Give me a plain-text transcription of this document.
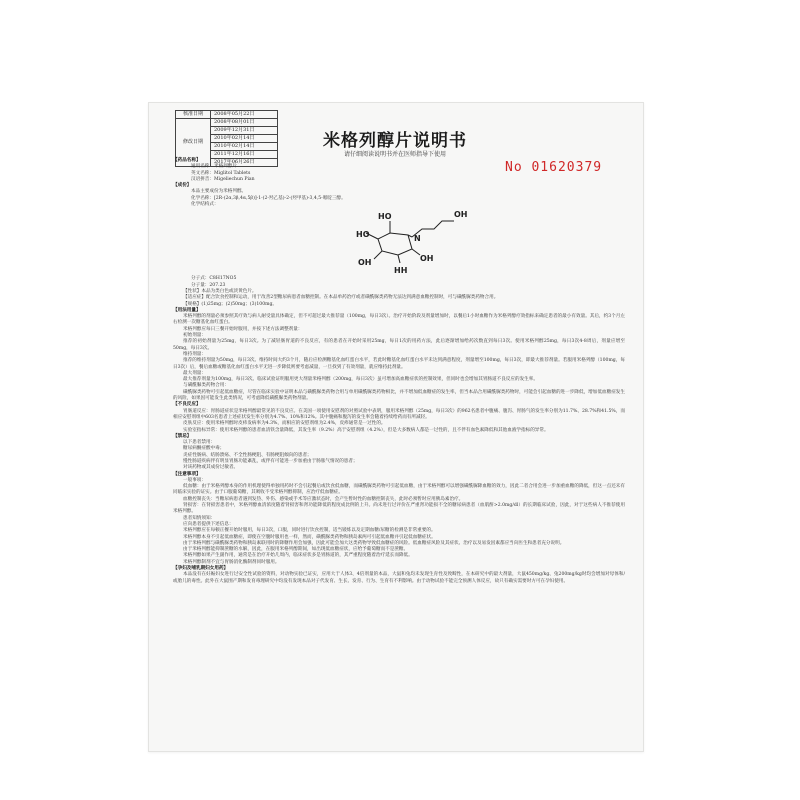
核准日期	2008年05月22日
修改日期	2008年08月01日
	2009年12月31日
	2010年02月14日
	2010年02月14日
	2011年12月16日
	2017年06月26日
米格列醇片说明书
请仔细阅读说明书并在医师指导下使用
No 01620379
OH
HO
HO
OH
N
OH
HH
【药品名称】
通用名称：米格列醇片
英文名称：Miglitol Tablets
汉语拼音：Migeliechun Pian
【成份】
本品主要成份为米格列醇。
化学名称：[2R-(2α,3β,4α,5β)]-1-(2-羟乙基)-2-(羟甲基)-3,4,5-哌啶三醇。
化学结构式：
分子式：C8H17NO5
分子量：207.23
【性状】本品为类白色或淡黄色片。
【适应症】配合饮食控制和运动，用于改善2型糖尿病患者血糖控制。在本品单药治疗或者磺酰脲类药物无法达到满意血糖控制时，可与磺酰脲类药物合用。
【规格】(1)25mg；(2)50mg；(3)100mg。
【用法用量】
米格列醇的剂量必须参照其疗效与病人耐受量具体确定，但不可超过最大推荐量（100mg，每日3次）。治疗开始阶段及剂量增加时，以餐后1小时血糖作为米格列醇疗效指标来确定患者的最小有效量。其后，约3个月左右检测一次糖基化血红蛋白。
米格列醇应每日三餐开始时服用，并按下述方法调整剂量：
初始剂量：
推荐的初始剂量为25mg，每日3次。为了减轻肠胃道的不良反应，有的患者在开始时采用25mg，每日1次的用药方法，此后逐渐增加给药次数直到每日3次。使用米格列醇25mg，每日3次4-8周后，剂量应增至50mg，每日3次。
维持剂量：
推荐的维持剂量为50mg，每日3次。维持时间大约3个月，随后应检测糖基化血红蛋白水平，若此时糖基化血红蛋白水平未达到满意程度，剂量增至100mg，每日3次，即最大推荐剂量。若服用米格列醇（100mg，每日3次）后，餐后血糖或糖基化血红蛋白水平无进一步降低则要考虑减量，一旦找到了有效剂量，就应维持此剂量。
最大剂量：
最大推荐剂量为100mg，每日3次。临床试验证明服用更大剂量米格列醇（200mg，每日3次）虽可增加高血糖症状的控制效果，但同时也会增加其胃肠道不良反应的发生率。
与磺酰脲类药物合用：
磺酰脲类药物可引起低血糖症，尽管在临床实验中证明本品与磺酰脲类药物合用与单用磺酰脲类药物相比，并不增加低血糖症的发生率，但当本品合用磺酰脲类药物时，可能会引起血糖的进一步降低，增加低血糖症发生的风险，如果因可能发生此类情况，可考虑降低磺酰脲类药物剂量。
【不良反应】
胃肠道反应：胃肠道症状是米格列醇最常见的不良反应。在美国一项使用安慰剂的对照试验中表明，服用米格列醇（25mg，每日3次）的962名患者中腹痛、腹泻、胃肠气的发生率分别为11.7%、28.7%和41.5%，而相应安慰剂组中603名患者上述症状发生率分别为4.7%、10%和12%。其中腹痛和腹泻的发生率会随着持续给药而有所减轻。
皮肤反应：使用米格列醇时皮疹发病率为4.3%，而相应的安慰剂组为2.4%，皮疹通常是一过性的。
实验室指标异常：使用米格列醇的患者血清铁含量降低，其发生率（9.2%）高于安慰剂组（4.2%），但是大多数病人都是一过性的，且不伴有血色素降低和其他血液学指标的异常。
【禁忌】
以下患者禁用：
糖尿病酮症酸中毒；
炎症性肠病、结肠溃疡、不全性肠梗阻、有肠梗阻倾向的患者；
慢性肠道疾病伴有明显胃肠功能紊乱，或伴有可能进一步加重由于肠胀气情况的患者；
对该药物或其成份过敏者。
【注意事项】
一般事项：
低血糖：由于米格列醇本身的作用机理使得单独用药时不会引起餐后或饮食低血糖，而磺酰脲类药物可引起低血糖，由于米格列醇可以增强磺酰脲降血糖的效力，因此二者合用会进一步加重血糖的降低，但这一点还未有同临床实验的证实。由于口服葡萄糖，其吸收不受米格列醇抑制，应治疗低血糖症。
血糖控制丧失：当糖尿病患者遇到发热、外伤、感染或手术等应激状态时，会产生暂时性的血糖控制丧失，此时必须暂时应用胰岛素治疗。
肾损害：在肾损害患者中，米格列醇血清浓度随着肾损害和肾功能降低的程度成比例的上升。尚未进行过评价在严重肾功能损不全的糖尿病患者（血肌酐>2.0mg/dl）的长期临床试验，因此，对于这些病人不推荐使用米格列醇。
患者知情须知：
应向患者提供下述信息：
米格列醇应在每顿正餐开始时服用，每日3次，口服，同时进行饮食控制，适当锻炼以及定期血糖/尿糖的检测是非常重要的。
米格列醇本身不引起低血糖症，即使在空腹时服用也一样，然而，磺酰脲类药物和胰岛素两可引起低血糖并引起低血糖症状。
由于米格列醇与磺酰脲类药物和胰岛素联用时的降糖作用会加强，因此可能会加大这类药物导致低血糖症的风险。低血糖症风险及其症状、治疗以及易发因素都应当向医生和患者充分说明。
由于米格列醇能抑制蔗糖的水解，因此，在服用米格列醇期间，如出现低血糖症状，应给予葡萄糖而不是蔗糖。
米格列醇如果产生副作用，通常是在治疗开始几周内，临床症状多是胃肠道的，其严重程度随着治疗延长而降低。
米格列醇制剂不宜与胃肠消化酶制剂同时服用。
【孕妇及哺乳期妇女用药】
本品没有在妊娠妇女进行过安全性试验的资料，对动物实验已证实，应用大于人体3、4倍剂量的本品，大鼠和兔均未发现生育性及致畸性，在本研究中的最大剂量，大鼠450mg/kg、兔200mg/kg时均会增加对母体和/或胎儿的毒性。此外在大鼠围产期和发育毒理研究中均没有发现本品对子代发育、生长、发育、行为、生育有不利影响。由于动物试验不能完全预测人体反应，故只有确实需要时方可在孕妇使用。
